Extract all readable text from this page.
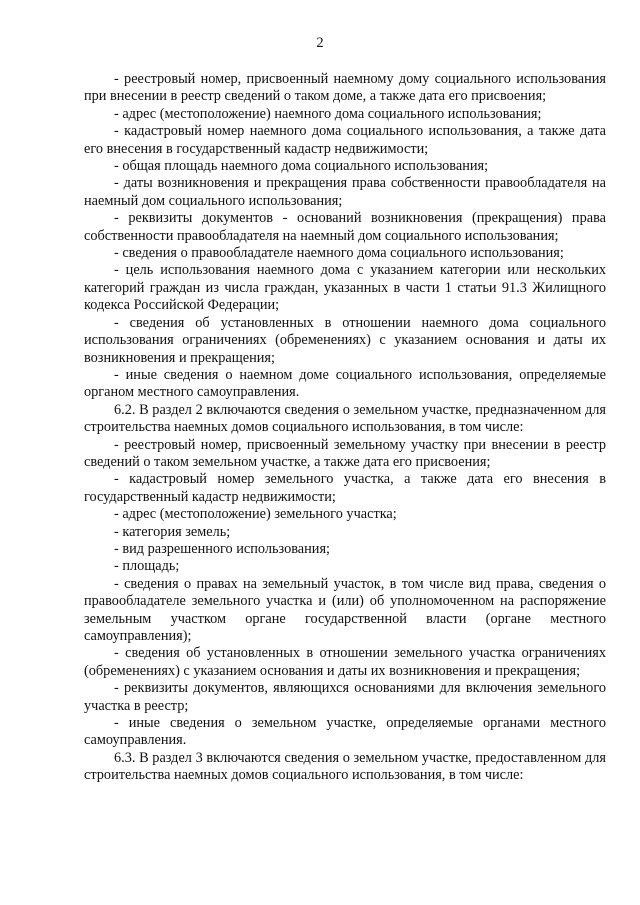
2

- реестровый номер, присвоенный наемному дому социального использования при внесении в реестр сведений о таком доме, а также дата его присвоения;

- адрес (местоположение) наемного дома социального использования;

- кадастровый номер наемного дома социального использования, а также дата его внесения в государственный кадастр недвижимости;

- общая площадь наемного дома социального использования;

- даты возникновения и прекращения права собственности правообладателя на наемный дом социального использования;

- реквизиты документов - оснований возникновения (прекращения) права собственности правообладателя на наемный дом социального использования;

- сведения о правообладателе наемного дома социального использования;

- цель использования наемного дома с указанием категории или нескольких категорий граждан из числа граждан, указанных в части 1 статьи 91.3 Жилищного кодекса Российской Федерации;

- сведения об установленных в отношении наемного дома социального использования ограничениях (обременениях) с указанием основания и даты их возникновения и прекращения;

- иные сведения о наемном доме социального использования, определяемые органом местного самоуправления.

6.2. В раздел 2 включаются сведения о земельном участке, предназначенном для строительства наемных домов социального использования, в том числе:

- реестровый номер, присвоенный земельному участку при внесении в реестр сведений о таком земельном участке, а также дата его присвоения;

- кадастровый номер земельного участка, а также дата его внесения в государственный кадастр недвижимости;

- адрес (местоположение) земельного участка;

- категория земель;

- вид разрешенного использования;

- площадь;

- сведения о правах на земельный участок, в том числе вид права, сведения о правообладателе земельного участка и (или) об уполномоченном на распоряжение земельным участком органе государственной власти (органе местного самоуправления);

- сведения об установленных в отношении земельного участка ограничениях (обременениях) с указанием основания и даты их возникновения и прекращения;

- реквизиты документов, являющихся основаниями для включения земельного участка в реестр;

- иные сведения о земельном участке, определяемые органами местного самоуправления.

6.3. В раздел 3 включаются сведения о земельном участке, предоставленном для строительства наемных домов социального использования, в том числе:
